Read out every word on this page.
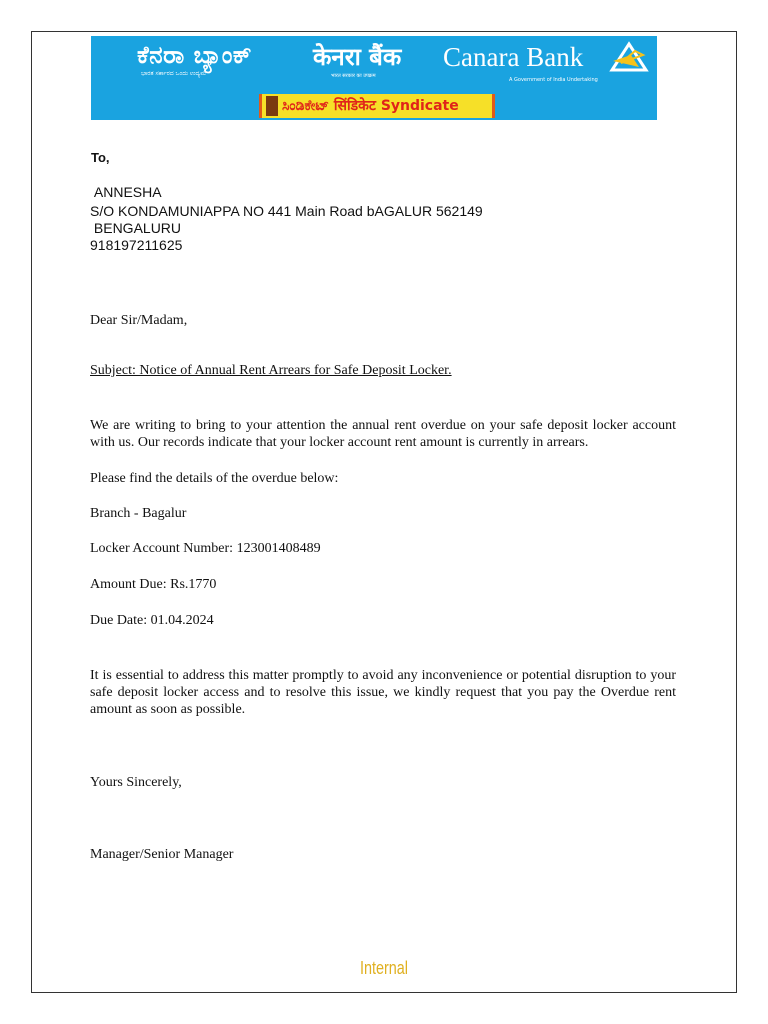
ಕೆನರಾ ಬ್ಯಾಂಕ್
ಭಾರತ ಸರ್ಕಾರದ ಒಂದು ಉದ್ಯಮ
केनरा बैंक
भारत सरकार का उपक्रम
Canara Bank
A Government of India Undertaking
ಸಿಂಡಿಕೇಟ್ सिंडिकेट Syndicate
To,
ANNESHA
S/O KONDAMUNIAPPA NO 441 Main Road bAGALUR 562149
BENGALURU
918197211625
Dear Sir/Madam,
Subject: Notice of Annual Rent Arrears for Safe Deposit Locker.
We are writing to bring to your attention the annual rent overdue on your safe deposit locker account with us. Our records indicate that your locker account rent amount is currently in arrears.
Please find the details of the overdue below:
Branch - Bagalur
Locker Account Number: 123001408489
Amount Due: Rs.1770
Due Date: 01.04.2024
It is essential to address this matter promptly to avoid any inconvenience or potential disruption to your safe deposit locker access and to resolve this issue, we kindly request that you pay the Overdue rent amount as soon as possible.
Yours Sincerely,
Manager/Senior Manager
Internal
